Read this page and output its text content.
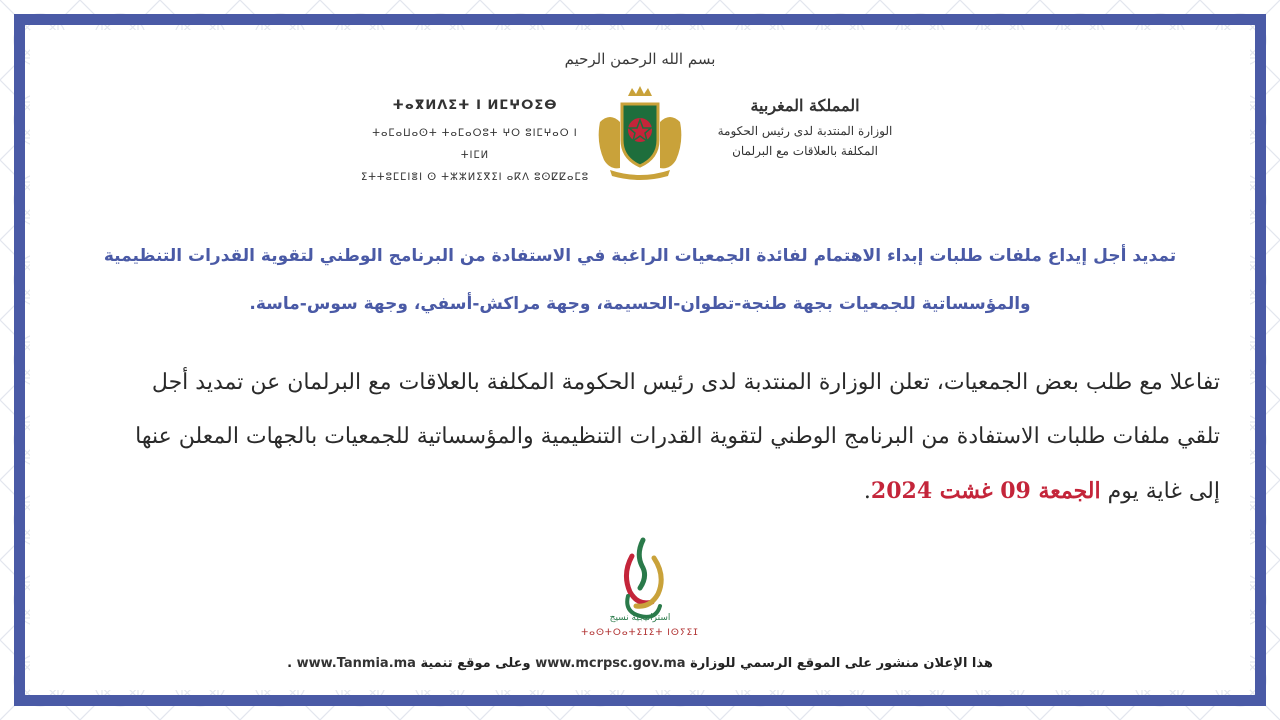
بسم الله الرحمن الرحيم
المملكة المغربية
الوزارة المنتدبة لدى رئيس الحكومة
المكلفة بالعلاقات مع البرلمان
ⵜⴰⴳⵍⴷⵉⵜ ⵏ ⵍⵎⵖⵔⵉⴱ
ⵜⴰⵎⴰⵡⴰⵙⵜ ⵜⴰⵎⴰⵔⵓⵜ ⵖⵔ ⵓⵏⵎⵖⴰⵔ ⵏ ⵜⵏⵎⵍ
ⵉⵜⵜⵓⵎⵎⵏⴻⵏ ⵙ ⵜⵣⵣⵍⵉⴳⵉⵏ ⴰⴽⴷ ⵓⵙⵇⵇⴰⵎⵓ
تمديد أجل إيداع ملفات طلبات إبداء الاهتمام لفائدة الجمعيات الراغبة في الاستفادة من البرنامج الوطني لتقوية القدرات التنظيمية
والمؤسساتية للجمعيات بجهة طنجة-تطوان-الحسيمة، وجهة مراكش-أسفي، وجهة سوس-ماسة.
تفاعلا مع طلب بعض الجمعيات، تعلن الوزارة المنتدبة لدى رئيس الحكومة المكلفة بالعلاقات مع البرلمان عن تمديد أجل
تلقي ملفات طلبات الاستفادة من البرنامج الوطني لتقوية القدرات التنظيمية والمؤسساتية للجمعيات بالجهات المعلن عنها
إلى غاية يوم الجمعة 09 غشت 2024.
استراتيجية نسيج
ⵜⴰⵙⵜⵔⴰⵜⵉⵊⵉⵜ ⵏⵙⵢⵉⵊ
هذا الإعلان منشور على الموقع الرسمي للوزارة www.mcrpsc.gov.ma وعلى موقع تنمية www.Tanmia.ma .
